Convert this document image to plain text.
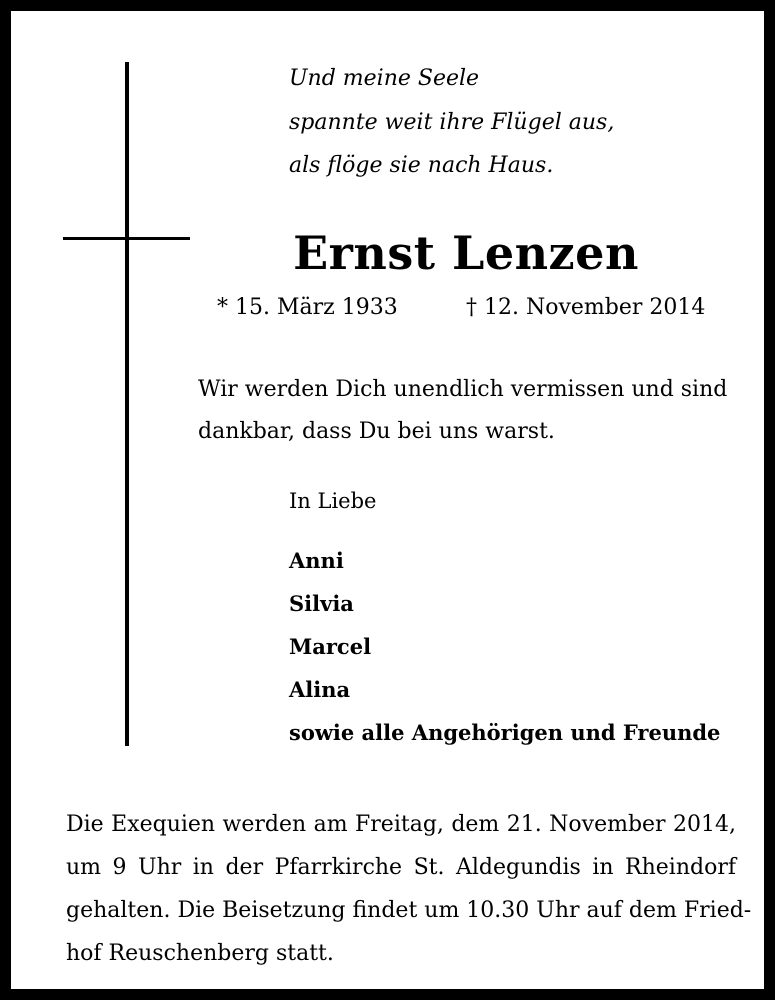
Und meine Seele
spannte weit ihre Flügel aus,
als flöge sie nach Haus.
Ernst Lenzen
* 15. März 1933	† 12. November 2014
Wir werden Dich unendlich vermissen und sind
dankbar, dass Du bei uns warst.
In Liebe
Anni
Silvia
Marcel
Alina
sowie alle Angehörigen und Freunde
Die Exequien werden am Freitag, dem 21. November 2014,
um 9 Uhr in der Pfarrkirche St. Aldegundis in Rheindorf
gehalten. Die Beisetzung findet um 10.30 Uhr auf dem Fried-
hof Reuschenberg statt.
